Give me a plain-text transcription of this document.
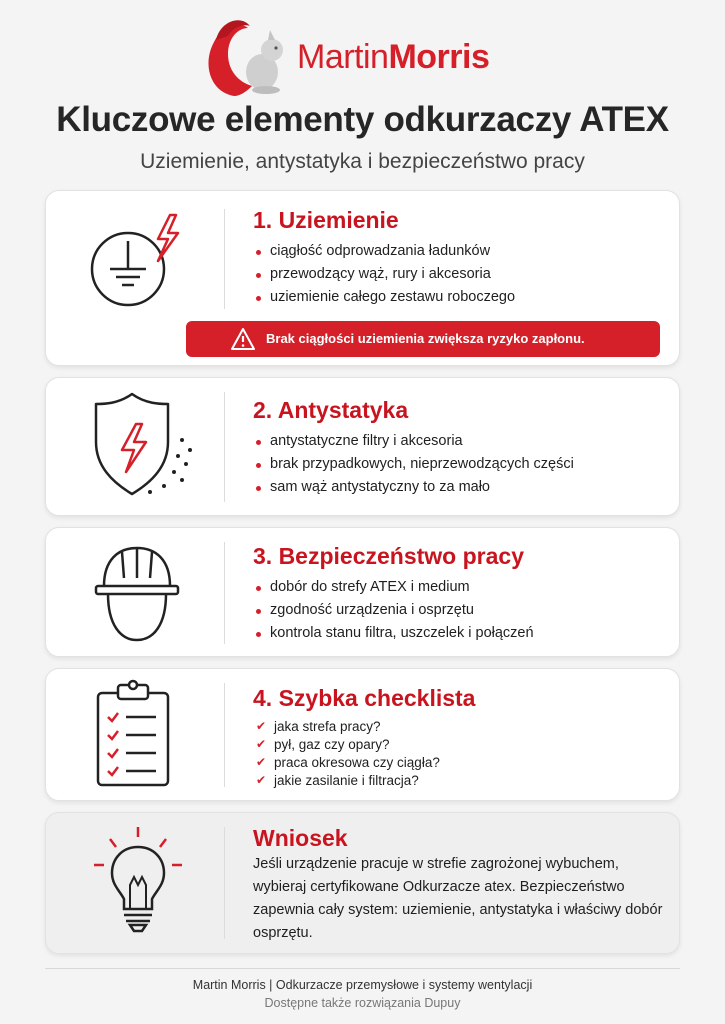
MartinMorris
Kluczowe elementy odkurzaczy ATEX
Uziemienie, antystatyka i bezpieczeństwo pracy
1. Uziemienie
ciągłość odprowadzania ładunków
przewodzący wąż, rury i akcesoria
uziemienie całego zestawu roboczego
Brak ciągłości uziemienia zwiększa ryzyko zapłonu.
2. Antystatyka
antystatyczne filtry i akcesoria
brak przypadkowych, nieprzewodzących części
sam wąż antystatyczny to za mało
3. Bezpieczeństwo pracy
dobór do strefy ATEX i medium
zgodność urządzenia i osprzętu
kontrola stanu filtra, uszczelek i połączeń
4. Szybka checklista
✔ jaka strefa pracy?
✔ pył, gaz czy opary?
✔ praca okresowa czy ciągła?
✔ jakie zasilanie i filtracja?
Wniosek

Jeśli urządzenie pracuje w strefie zagrożonej wybuchem, wybieraj certyfikowane Odkurzacze atex. Bezpieczeństwo zapewnia cały system: uziemienie, antystatyka i właściwy dobór osprzętu.

Martin Morris | Odkurzacze przemysłowe i systemy wentylacji
Dostępne także rozwiązania Dupuy
